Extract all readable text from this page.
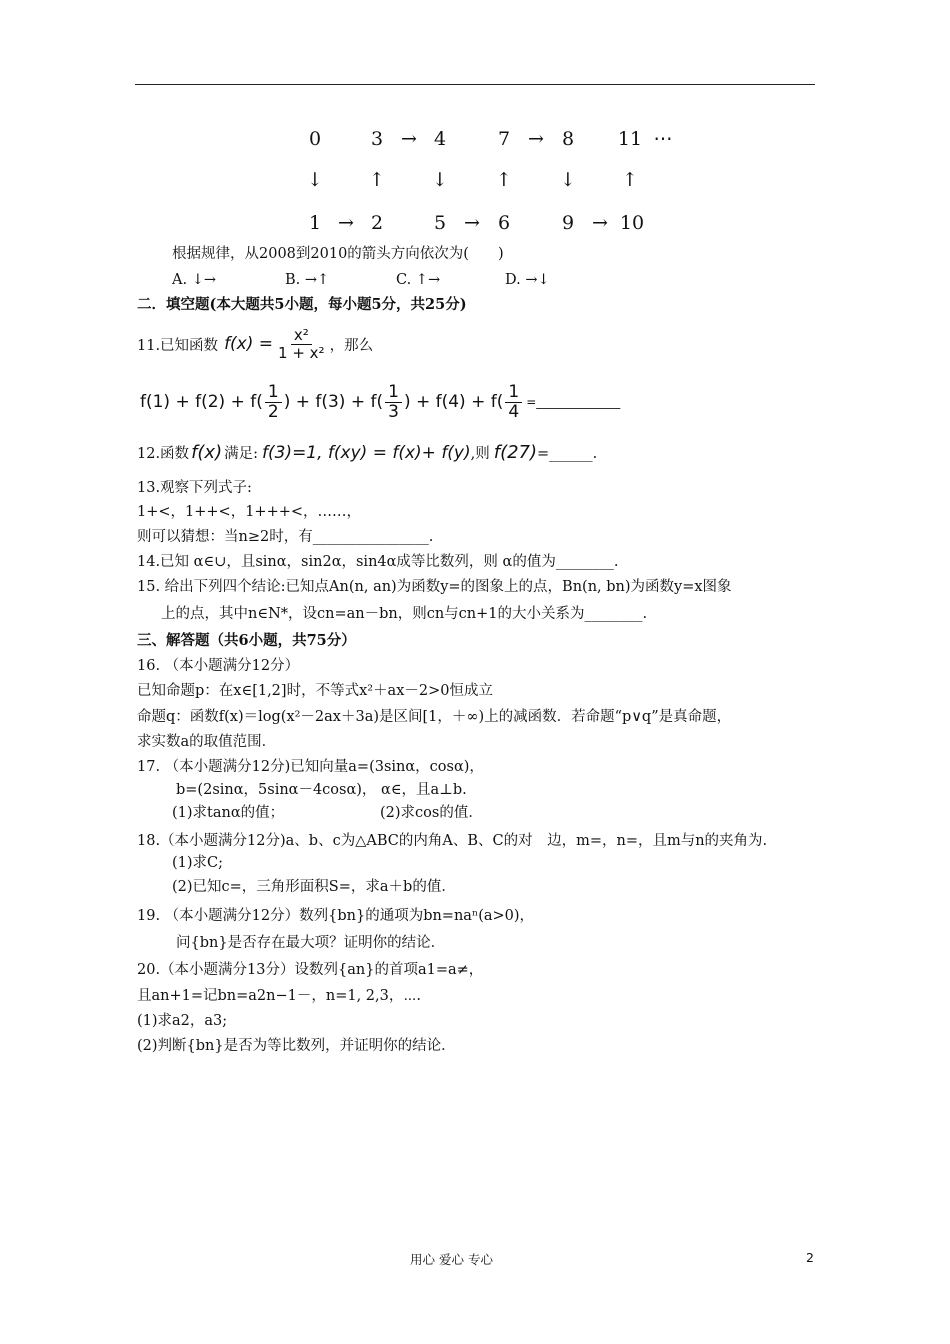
0	3 → 4	7 → 8	11 ⋯
↓	↑	↓	↑	↓	↑
1 → 2	5 → 6	9 → 10
根据规律，从2008到2010的箭头方向依次为(　　)
A. ↓→	B. →↑	C. ↑→	D. →↓
二．填空题(本大题共5小题，每小题5分，共25分)
11.已知函数 $f(x) = \frac{\text{x²}}{\text{1 + x²}}$ ，那么
$f(1) + f(2) + f( \frac{1}{2}$ ) + $f(3) + f( \frac{1}{3}$ ) + $f(4) + f( \frac{1}{4}$ =______________
12.函数 f(x) 满足: f(3)=1, f(xy) = f(x)+ f(y) ,则 f(27) =______.
13.观察下列式子:
1+<，1++<，1+++<，……，
则可以猜想：当n≥2时，有________________.
14.已知 α∈∪，且sinα，sin2α，sin4α成等比数列，则 α的值为________.
15. 给出下列四个结论:已知点An(n, an)为函数y=的图象上的点，Bn(n, bn)为函数y=x图象
上的点，其中n∈N*，设cn=an－bn，则cn与cn+1的大小关系为________.
三、解答题（共6小题，共75分）
16. （本小题满分12分）
已知命题p：在x∈[1,2]时，不等式x²＋ax－2>0恒成立
命题q：函数f(x)＝log(x²－2ax＋3a)是区间[1，＋∞)上的减函数．若命题“p∨q”是真命题，
求实数a的取值范围．
17. （本小题满分12分)已知向量a=(3sinα，cosα)，
b=(2sinα，5sinα－4cosα)， α∈，且a⊥b.
(1)求tanα的值；	(2)求cos的值．
18.（本小题满分12分)a、b、c为△ABC的内角A、B、C的对　边，m=，n=，且m与n的夹角为.
(1)求C;
(2)已知c=，三角形面积S=，求a＋b的值．
19. （本小题满分12分）数列{bn}的通项为bn=naⁿ(a>0)，
问{bn}是否存在最大项？证明你的结论．
20.（本小题满分13分）设数列{an}的首项a1=a≠，
且an+1=记bn=a2n−1－，n=1, 2,3，⋯.
(1)求a2，a3;
(2)判断{bn}是否为等比数列，并证明你的结论．
用心 爱心 专心	2
